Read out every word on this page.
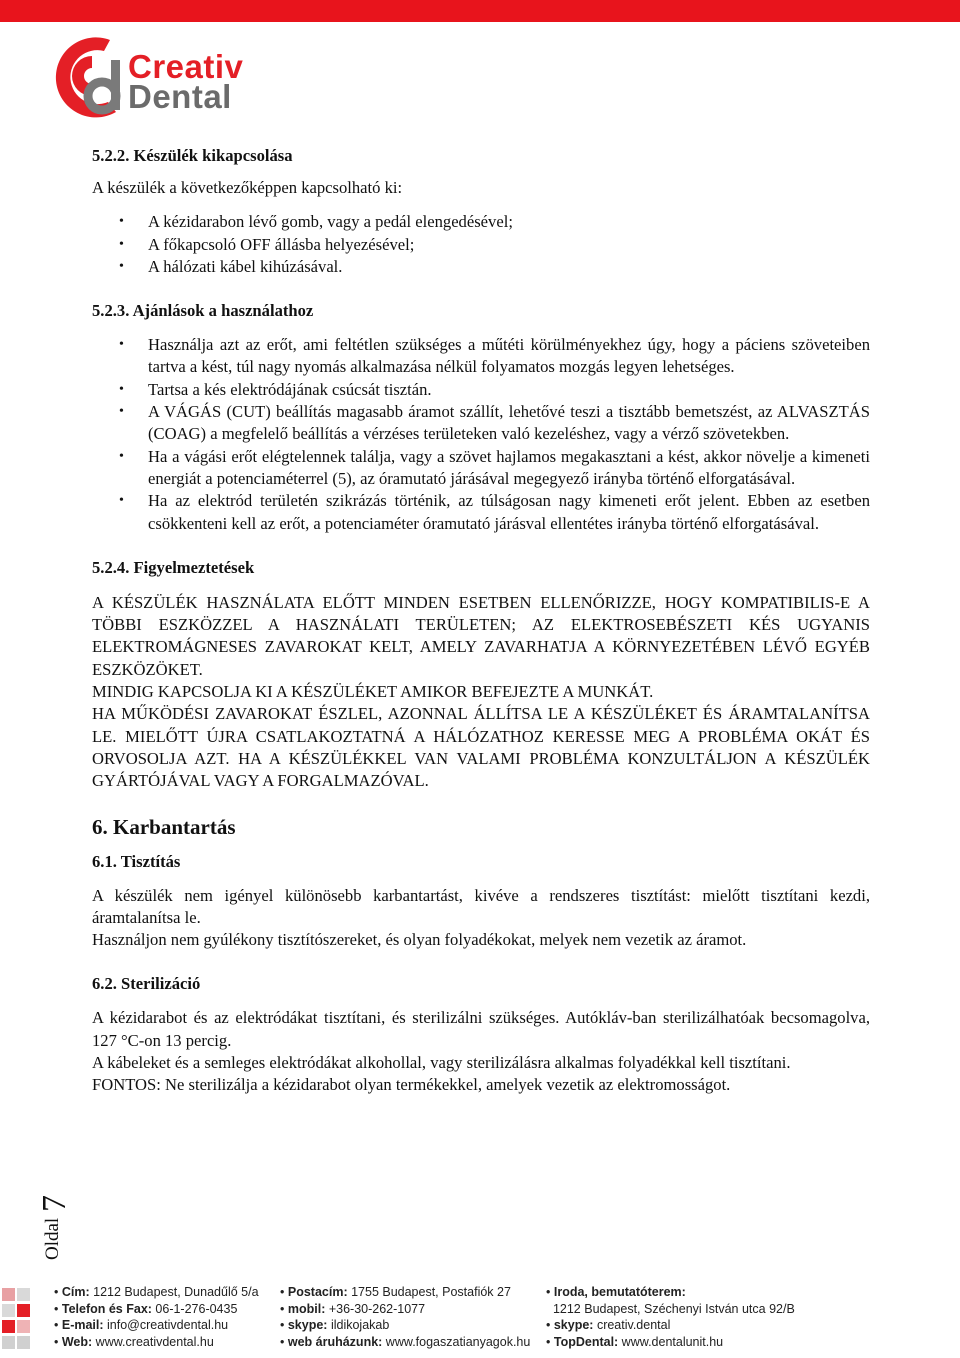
Creativ
Dental
5.2.2. Készülék kikapcsolása

A készülék a következőképpen kapcsolható ki:

• A kézidarabon lévő gomb, vagy a pedál elengedésével;
• A főkapcsoló OFF állásba helyezésével;
• A hálózati kábel kihúzásával.
5.2.3. Ajánlások a használathoz
• Használja azt az erőt, ami feltétlen szükséges a műtéti körülményekhez úgy, hogy a páciens szöveteiben tartva a kést, túl nagy nyomás alkalmazása nélkül folyamatos mozgás legyen lehetséges.
• Tartsa a kés elektródájának csúcsát tisztán.
• A VÁGÁS (CUT) beállítás magasabb áramot szállít, lehetővé teszi a tisztább bemetszést, az ALVASZTÁS (COAG) a megfelelő beállítás a vérzéses területeken való kezeléshez, vagy a vérző szövetekben.
• Ha a vágási erőt elégtelennek találja, vagy a szövet hajlamos megakasztani a kést, akkor növelje a kimeneti energiát a potenciaméterrel (5), az óramutató járásával megegyező irányba történő elforgatásával.
• Ha az elektród területén szikrázás történik, az túlságosan nagy kimeneti erőt jelent. Ebben az esetben csökkenteni kell az erőt, a potenciaméter óramutató járásval ellentétes irányba történő elforgatásával.
5.2.4. Figyelmeztetések

A KÉSZÜLÉK HASZNÁLATA ELŐTT MINDEN ESETBEN ELLENŐRIZZE, HOGY KOMPATIBILIS-E A TÖBBI ESZKÖZZEL A HASZNÁLATI TERÜLETEN; AZ ELEKTROSEBÉSZETI KÉS UGYANIS ELEKTROMÁGNESES ZAVAROKAT KELT, AMELY ZAVARHATJA A KÖRNYEZETÉBEN LÉVŐ EGYÉB ESZKÖZÖKET.

MINDIG KAPCSOLJA KI A KÉSZÜLÉKET AMIKOR BEFEJEZTE A MUNKÁT.

HA MŰKÖDÉSI ZAVAROKAT ÉSZLEL, AZONNAL ÁLLÍTSA LE A KÉSZÜLÉKET ÉS ÁRAMTALANÍTSA LE. MIELŐTT ÚJRA CSATLAKOZTATNÁ A HÁLÓZATHOZ KERESSE MEG A PROBLÉMA OKÁT ÉS ORVOSOLJA AZT. HA A KÉSZÜLÉKKEL VAN VALAMI PROBLÉMA KONZULTÁLJON A KÉSZÜLÉK GYÁRTÓJÁVAL VAGY A FORGALMAZÓVAL.

6. Karbantartás
6.1. Tisztítás

A készülék nem igényel különösebb karbantartást, kivéve a rendszeres tisztítást: mielőtt tisztítani kezdi, áramtalanítsa le.

Használjon nem gyúlékony tisztítószereket, és olyan folyadékokat, melyek nem vezetik az áramot.

6.2. Sterilizáció

A kézidarabot és az elektródákat tisztítani, és sterilizálni szükséges. Autókláv-ban sterilizálhatóak becsomagolva, 127 °C-on 13 percig.

A kábeleket és a semleges elektródákat alkohollal, vagy sterilizálásra alkalmas folyadékkal kell tisztítani.

FONTOS: Ne sterilizálja a kézidarabot olyan termékekkel, amelyek vezetik az elektromosságot.

Oldal
7
• Cím: 1212 Budapest, Dunadűlő 5/a
• Telefon és Fax: 06-1-276-0435
• E-mail: info@creativdental.hu
• Web: www.creativdental.hu
• Postacím: 1755 Budapest, Postafiók 27
• mobil: +36-30-262-1077
• skype: ildikojakab
• web áruházunk: www.fogaszatianyagok.hu
• Iroda, bemutatóterem:
1212 Budapest, Széchenyi István utca 92/B
• skype: creativ.dental
• TopDental: www.dentalunit.hu
